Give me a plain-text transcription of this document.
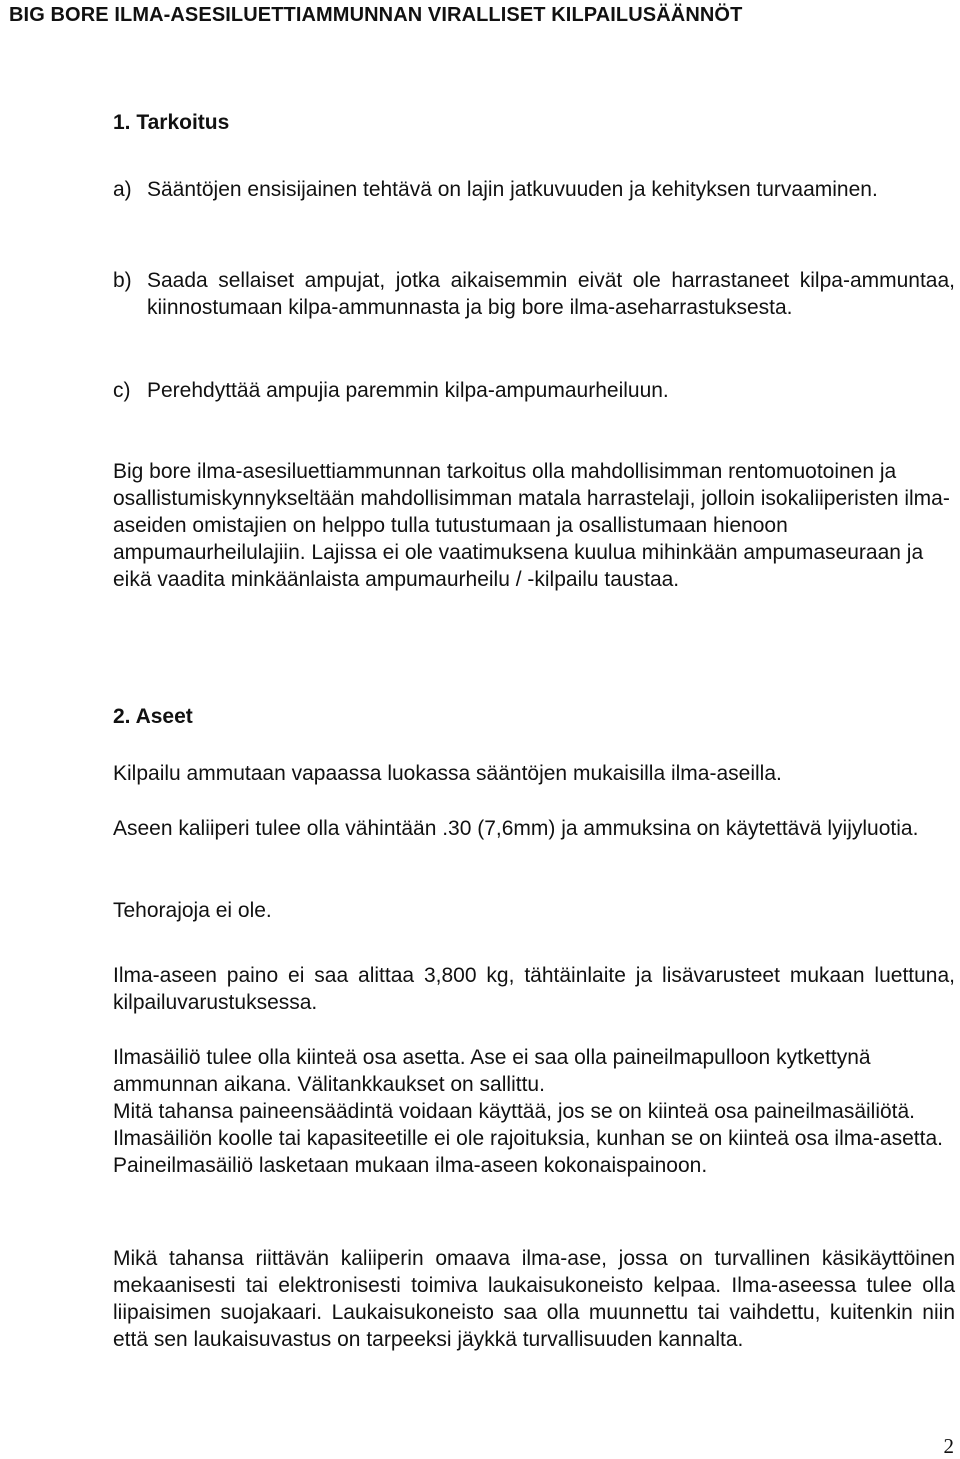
BIG BORE ILMA-ASESILUETTIAMMUNNAN VIRALLISET KILPAILUSÄÄNNÖT
1. Tarkoitus
a) Sääntöjen ensisijainen tehtävä on lajin jatkuvuuden ja kehityksen turvaaminen.
b) Saada sellaiset ampujat, jotka aikaisemmin eivät ole harrastaneet kilpa-ammuntaa, kiinnostumaan kilpa-ammunnasta ja big bore ilma-aseharrastuksesta.
c) Perehdyttää ampujia paremmin kilpa-ampumaurheiluun.
Big bore ilma-asesiluettiammunnan tarkoitus olla mahdollisimman rentomuotoinen ja osallistumiskynnykseltään mahdollisimman matala harrastelaji, jolloin isokaliiperisten ilma-aseiden omistajien on helppo tulla tutustumaan ja osallistumaan hienoon ampumaurheilulajiin. Lajissa ei ole vaatimuksena kuulua mihinkään ampumaseuraan ja eikä vaadita minkäänlaista ampumaurheilu / -kilpailu taustaa.
2. Aseet
Kilpailu ammutaan vapaassa luokassa sääntöjen mukaisilla ilma-aseilla.
Aseen kaliiperi tulee olla vähintään .30 (7,6mm) ja ammuksina on käytettävä lyijyluotia.
Tehorajoja ei ole.
Ilma-aseen paino ei saa alittaa 3,800 kg, tähtäinlaite ja lisävarusteet mukaan luettuna, kilpailuvarustuksessa.
Ilmasäiliö tulee olla kiinteä osa asetta. Ase ei saa olla paineilmapulloon kytkettynä ammunnan aikana. Välitankkaukset on sallittu.
Mitä tahansa paineensäädintä voidaan käyttää, jos se on kiinteä osa paineilmasäiliötä. Ilmasäiliön koolle tai kapasiteetille ei ole rajoituksia, kunhan se on kiinteä osa ilma-asetta. Paineilmasäiliö lasketaan mukaan ilma-aseen kokonaispainoon.
Mikä tahansa riittävän kaliiperin omaava ilma-ase, jossa on turvallinen käsikäyttöinen mekaanisesti tai elektronisesti toimiva laukaisukoneisto kelpaa. Ilma-aseessa tulee olla liipaisimen suojakaari. Laukaisukoneisto saa olla muunnettu tai vaihdettu, kuitenkin niin että sen laukaisuvastus on tarpeeksi jäykkä turvallisuuden kannalta.
2
